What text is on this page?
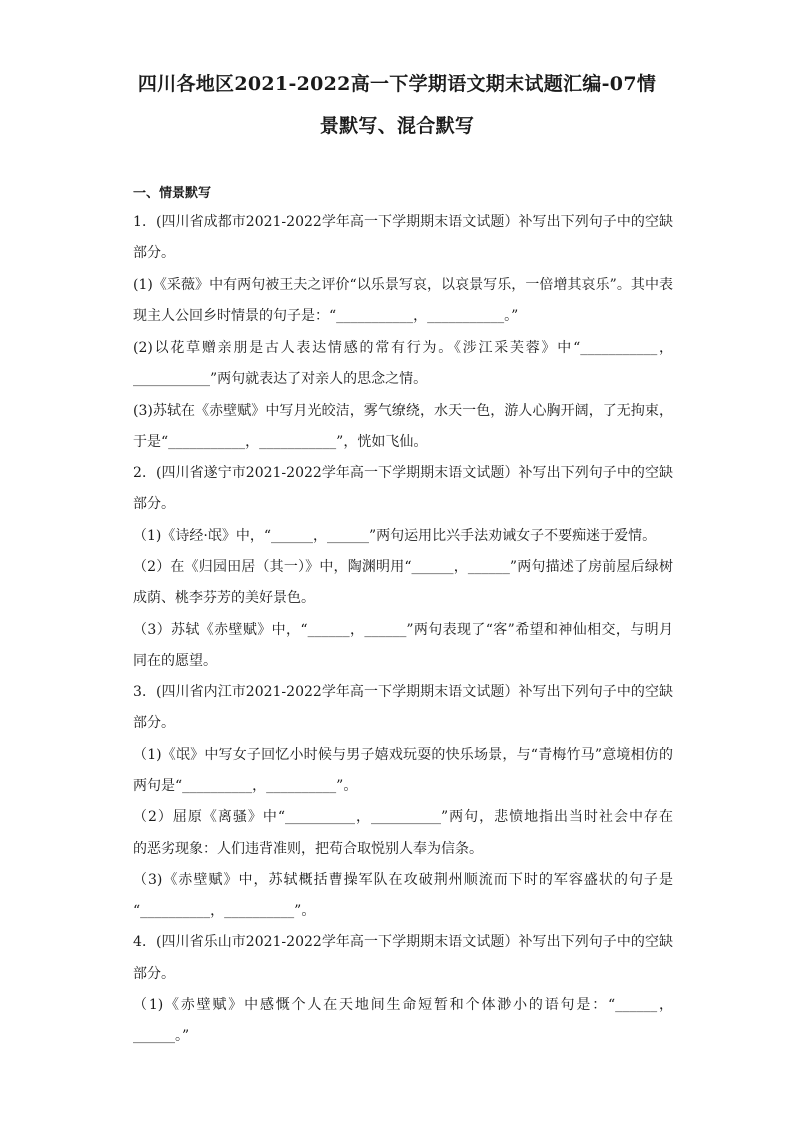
四川各地区2021-2022高一下学期语文期末试题汇编-07情
景默写、混合默写
一、情景默写
1．(四川省成都市2021-2022学年高一下学期期末语文试题）补写出下列句子中的空缺
部分。
(1)《采薇》中有两句被王夫之评价“以乐景写哀，以哀景写乐，一倍增其哀乐”。其中表
现主人公回乡时情景的句子是：“___________，___________。”
(2)以花草赠亲朋是古人表达情感的常有行为。《涉江采芙蓉》中“___________，
___________”两句就表达了对亲人的思念之情。
(3)苏轼在《赤壁赋》中写月光皎洁，雾气缭绕，水天一色，游人心胸开阔，了无拘束，
于是“___________，___________”，恍如飞仙。
2．(四川省遂宁市2021-2022学年高一下学期期末语文试题）补写出下列句子中的空缺
部分。
（1)《诗经·氓》中，“______，______”两句运用比兴手法劝诫女子不要痴迷于爱情。
（2）在《归园田居（其一）》中，陶渊明用“______，______”两句描述了房前屋后绿树
成荫、桃李芬芳的美好景色。
（3）苏轼《赤壁赋》中，“______，______”两句表现了“客”希望和神仙相交，与明月
同在的愿望。
3．(四川省内江市2021-2022学年高一下学期期末语文试题）补写出下列句子中的空缺
部分。
（1)《氓》中写女子回忆小时候与男子嬉戏玩耍的快乐场景，与“青梅竹马”意境相仿的
两句是“__________，__________”。
（2）屈原《离骚》中“__________，__________”两句，悲愤地指出当时社会中存在
的恶劣现象：人们违背准则，把苟合取悦别人奉为信条。
（3)《赤壁赋》中，苏轼概括曹操军队在攻破荆州顺流而下时的军容盛状的句子是
“__________，__________”。
4．(四川省乐山市2021-2022学年高一下学期期末语文试题）补写出下列句子中的空缺
部分。
（1)《赤壁赋》中感慨个人在天地间生命短暂和个体渺小的语句是：“______，
______。”
